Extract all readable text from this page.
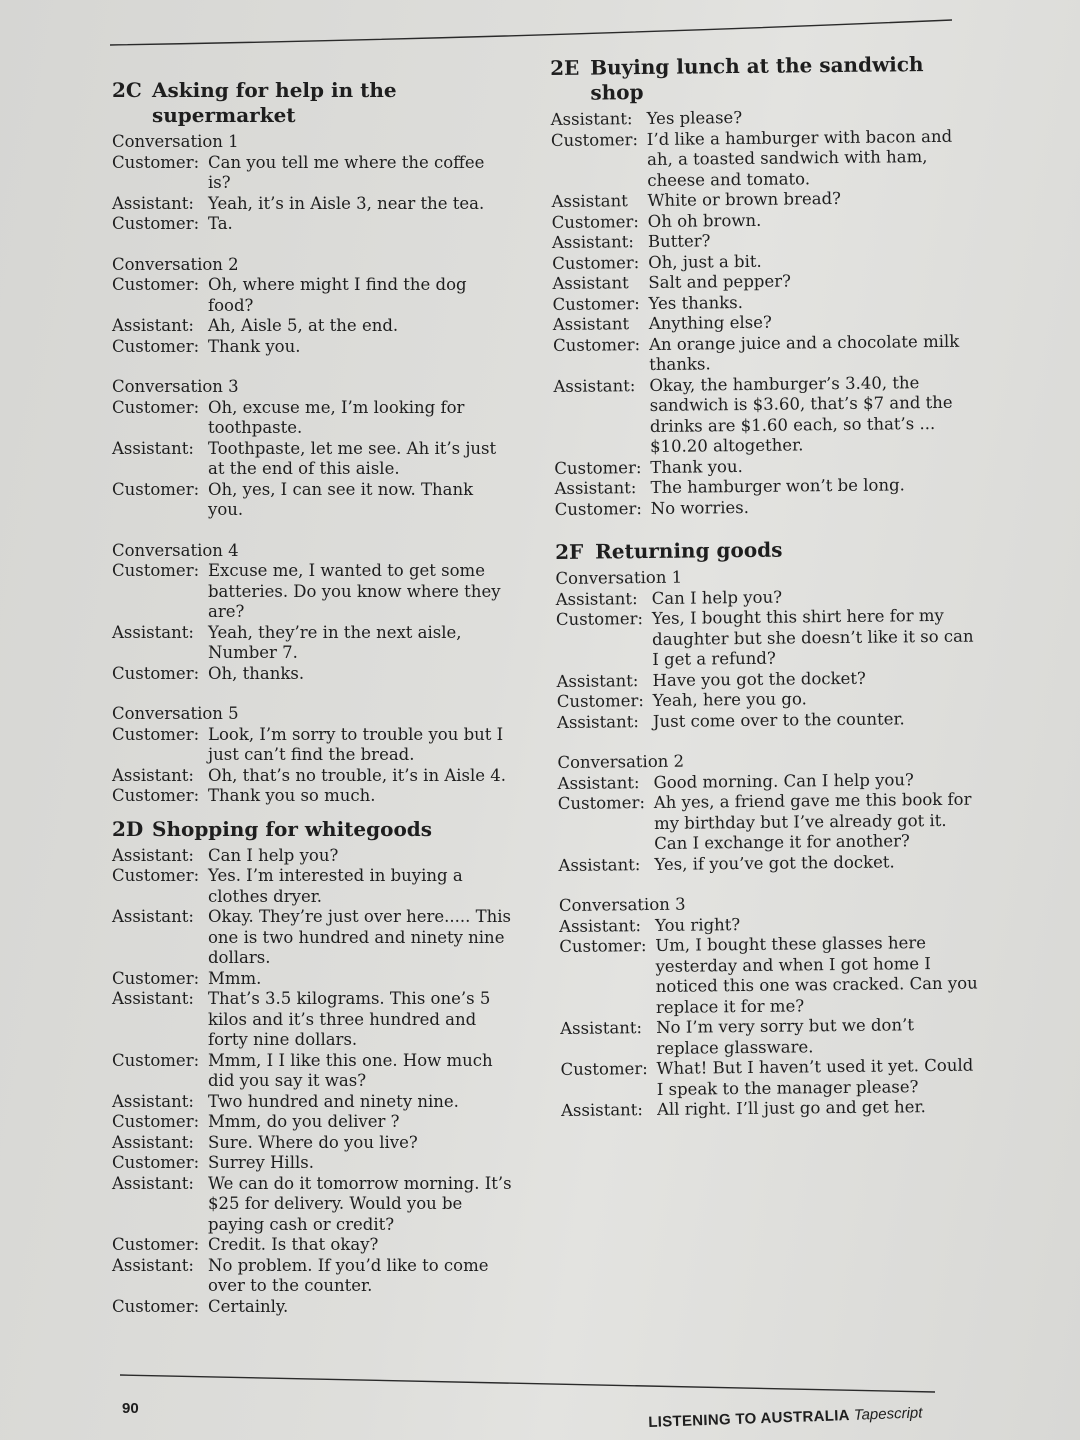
2C Asking for help in the supermarket
Conversation 1
Customer: Can you tell me where the coffee is?
Assistant: Yeah, it’s in Aisle 3, near the tea.
Customer: Ta.
Conversation 2
Customer: Oh, where might I find the dog food?
Assistant: Ah, Aisle 5, at the end.
Customer: Thank you.
Conversation 3
Customer: Oh, excuse me, I’m looking for toothpaste.
Assistant: Toothpaste, let me see. Ah it’s just at the end of this aisle.
Customer: Oh, yes, I can see it now. Thank you.
Conversation 4
Customer: Excuse me, I wanted to get some batteries. Do you know where they are?
Assistant: Yeah, they’re in the next aisle, Number 7.
Customer: Oh, thanks.
Conversation 5
Customer: Look, I’m sorry to trouble you but I just can’t find the bread.
Assistant: Oh, that’s no trouble, it’s in Aisle 4.
Customer: Thank you so much.
2D Shopping for whitegoods
Assistant: Can I help you?
Customer: Yes. I’m interested in buying a clothes dryer.
Assistant: Okay. They’re just over here..... This one is two hundred and ninety nine dollars.
Customer: Mmm.
Assistant: That’s 3.5 kilograms. This one’s 5 kilos and it’s three hundred and forty nine dollars.
Customer: Mmm, I I like this one. How much did you say it was?
Assistant: Two hundred and ninety nine.
Customer: Mmm, do you deliver ?
Assistant: Sure. Where do you live?
Customer: Surrey Hills.
Assistant: We can do it tomorrow morning. It’s $25 for delivery. Would you be paying cash or credit?
Customer: Credit. Is that okay?
Assistant: No problem. If you’d like to come over to the counter.
Customer: Certainly.
2E Buying lunch at the sandwich shop
Assistant: Yes please?
Customer: I’d like a hamburger with bacon and ah, a toasted sandwich with ham, cheese and tomato.
Assistant	White or brown bread?
Customer: Oh oh brown.
Assistant: Butter?
Customer: Oh, just a bit.
Assistant	Salt and pepper?
Customer: Yes thanks.
Assistant	Anything else?
Customer: An orange juice and a chocolate milk thanks.
Assistant: Okay, the hamburger’s 3.40, the sandwich is $3.60, that’s $7 and the drinks are $1.60 each, so that’s ... $10.20 altogether.
Customer: Thank you.
Assistant: The hamburger won’t be long.
Customer: No worries.
2F Returning goods
Conversation 1
Assistant: Can I help you?
Customer: Yes, I bought this shirt here for my daughter but she doesn’t like it so can I get a refund?
Assistant: Have you got the docket?
Customer: Yeah, here you go.
Assistant: Just come over to the counter.
Conversation 2
Assistant: Good morning. Can I help you?
Customer: Ah yes, a friend gave me this book for my birthday but I’ve already got it. Can I exchange it for another?
Assistant: Yes, if you’ve got the docket.
Conversation 3
Assistant: You right?
Customer: Um, I bought these glasses here yesterday and when I got home I noticed this one was cracked. Can you replace it for me?
Assistant: No I’m very sorry but we don’t replace glassware.
Customer: What! But I haven’t used it yet. Could I speak to the manager please?
Assistant: All right. I’ll just go and get her.
90	LISTENING TO AUSTRALIA Tapescript
